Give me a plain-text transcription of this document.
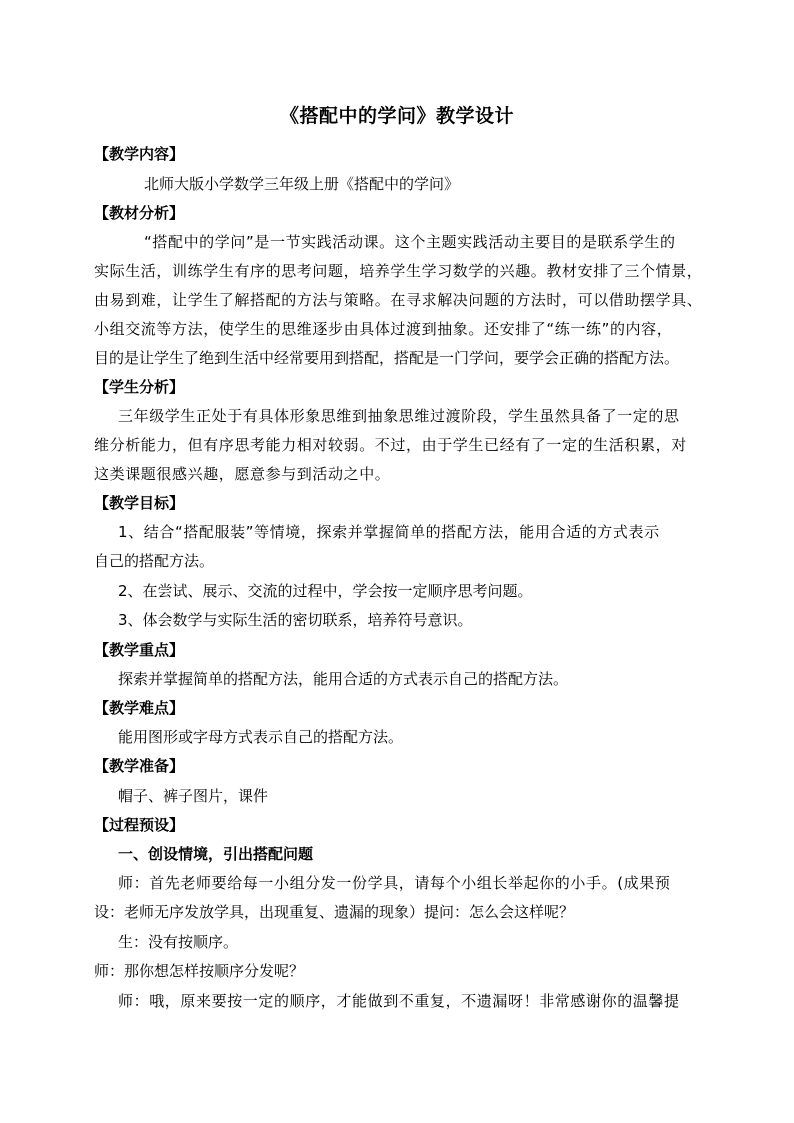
《搭配中的学问》教学设计
【教学内容】
北师大版小学数学三年级上册《搭配中的学问》
【教材分析】
“搭配中的学问”是一节实践活动课。这个主题实践活动主要目的是联系学生的
实际生活，训练学生有序的思考问题，培养学生学习数学的兴趣。教材安排了三个情景，
由易到难，让学生了解搭配的方法与策略。在寻求解决问题的方法时，可以借助摆学具、
小组交流等方法，使学生的思维逐步由具体过渡到抽象。还安排了“练一练”的内容，
目的是让学生了绝到生活中经常要用到搭配，搭配是一门学问，要学会正确的搭配方法。
【学生分析】
三年级学生正处于有具体形象思维到抽象思维过渡阶段，学生虽然具备了一定的思
维分析能力，但有序思考能力相对较弱。不过，由于学生已经有了一定的生活积累，对
这类课题很感兴趣，愿意参与到活动之中。
【教学目标】
1、结合“搭配服装”等情境，探索并掌握简单的搭配方法，能用合适的方式表示
自己的搭配方法。
2、在尝试、展示、交流的过程中，学会按一定顺序思考问题。
3、体会数学与实际生活的密切联系，培养符号意识。
【教学重点】
探索并掌握简单的搭配方法，能用合适的方式表示自己的搭配方法。
【教学难点】
能用图形或字母方式表示自己的搭配方法。
【教学准备】
帽子、裤子图片，课件
【过程预设】
一、创设情境，引出搭配问题
师：首先老师要给每一小组分发一份学具，请每个小组长举起你的小手。(成果预
设：老师无序发放学具，出现重复、遗漏的现象）提问：怎么会这样呢？
生：没有按顺序。
师：那你想怎样按顺序分发呢？
师：哦，原来要按一定的顺序，才能做到不重复，不遗漏呀！非常感谢你的温馨提
